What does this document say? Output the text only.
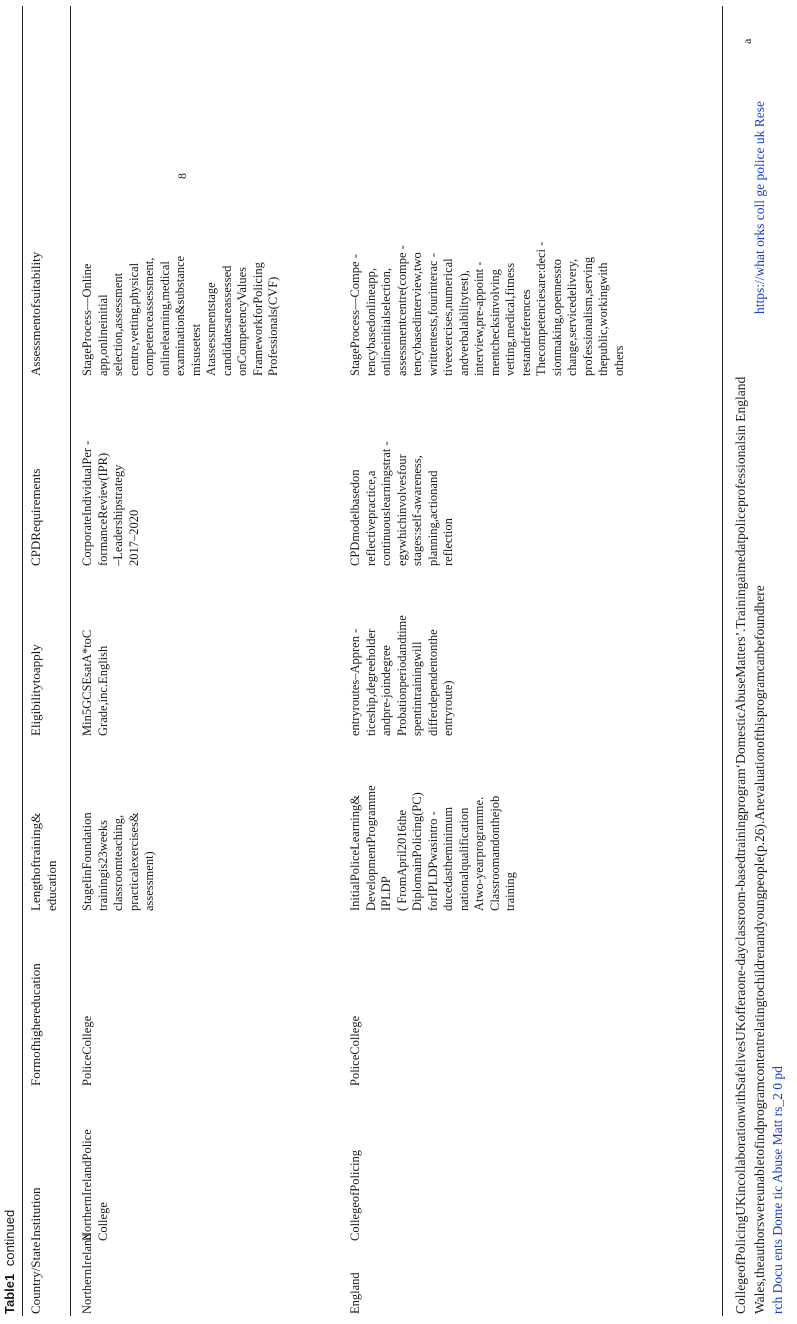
Table1 continued
Country/State
Institution
Formofhighereducation
Lengthoftraining&
education
Eligibilitytoapply
CPDRequirements
Assessmentofsuitability
NorthernIreland
NorthernIrelandPolice
College
PoliceCollege
StageIinFoundation
trainingis23weeks
classroomteaching,
practicalexercises&
assessment)
Min5GCSEsatA*toC
Grade,inc.English
CorporateIndividualPer -
formanceReview(IPR)
–Leadershipstrategy
2017–2020
StageProcess—Online
app,onlineinitial
selection,assessment
centre,vetting,physical
competenceassessment,
onlinelearning,medical
examination&substance
misusetest
Atassessmentstage
candidatesareassessed
onCompetencyValues
FrameworkforPolicing
Professionals(CVF)
England
CollegeofPolicing
PoliceCollege
InitialPoliceLearning&
DevelopmentProgramme
IPLDP
( FromApril2016the
DiplomainPolicing(PC)
forIPLDPwasintro -
ducedastheminimum
nationalqualification
Atwo-yearprogramme.
Classroomandonthejob
training
entryroutes–Appren -
ticeship,degreeholder
andpre-joindegree
Probationperiodandtime
spentintrainingwill
differdependentonthe
entryroute)
CPDmodelbasedon
reflectivepractice,a
continuouslearningstrat -
egywhichinvolvesfour
stages:self-awareness,
planning,actionand
reflection
StageProcess—Compe -
tencybasedonlineapp,
onlineinitialselection,
assessmentcentre(compe -
tencybasedinterview,two
writtentests,fourinterac -
tiveexercises,numerical
andverbalabilitytest),
interview,pre-appoint -
mentchecksinvolving
vetting,medical,fitness
testandreferences
Thecompetenciesare:deci -
sionmaking,opennessto
change,servicedelivery,
professionalism,serving
thepublic,workingwith
others
CollegeofPolicingUKincollaborationwithSafelivesUKofferaone-dayclassroom-basedtrainingprogram‘DomesticAbuseMatters’.Trainingaimedatpoliceprofessionalsin England Wales,theauthorswereunabletofindprogramcontentrelatingtochildrenandyoungpeople(p.26).Anevaluationofthisprogramcanbefoundhere rch Docu ents Dome tic Abuse Matt rs_2 0 pd
https://what orks coll ge police uk Rese
a
8
